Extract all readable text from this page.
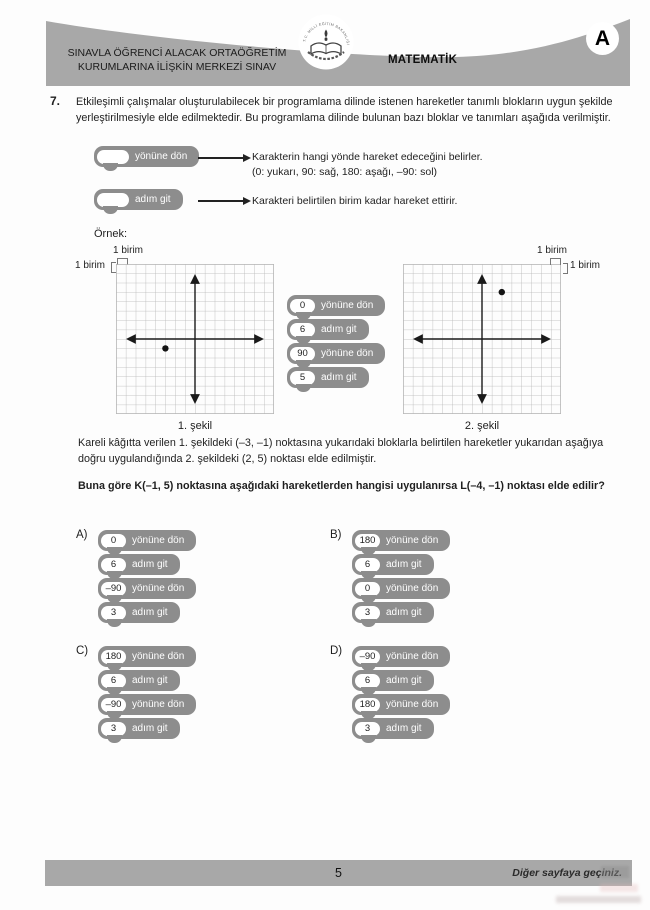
SINAVLA ÖĞRENCİ ALACAK ORTAÖĞRETİM
KURUMLARINA İLİŞKİN MERKEZİ SINAV
T.C. MİLLÎ EĞİTİM BAKANLIĞI
MATEMATİK
A
7. Etkileşimli çalışmalar oluşturulabilecek bir programlama dilinde istenen hareketler tanımlı blokların uygun şekilde yerleştirilmesiyle elde edilmektedir. Bu programlama dilinde bulunan bazı bloklar ve tanımları aşağıda verilmiştir.
yönüne dön	Karakterin hangi yönde hareket edeceğini belirler.
(0: yukarı, 90: sağ, 180: aşağı, –90: sol)
adım git	Karakteri belirtilen birim kadar hareket ettirir.
Örnek:
1 birim
1 birim
1. şekil
0	yönüne dön
6	adım git
90	yönüne dön
5	adım git
1 birim
1 birim
2. şekil
Kareli kâğıtta verilen 1. şekildeki (–3, –1) noktasına yukarıdaki bloklarla belirtilen hareketler yukarıdan aşağıya doğru uygulandığında 2. şekildeki (2, 5) noktası elde edilmiştir.
Buna göre K(–1, 5) noktasına aşağıdaki hareketlerden hangisi uygulanırsa L(–4, –1) noktası elde edilir?
A)	0	yönüne dön
6	adım git
–90	yönüne dön
3	adım git
B)	180	yönüne dön
6	adım git
0	yönüne dön
3	adım git
C)	180	yönüne dön
6	adım git
–90	yönüne dön
3	adım git
D)	–90	yönüne dön
6	adım git
180	yönüne dön
3	adım git
5	Diğer sayfaya geçiniz.
